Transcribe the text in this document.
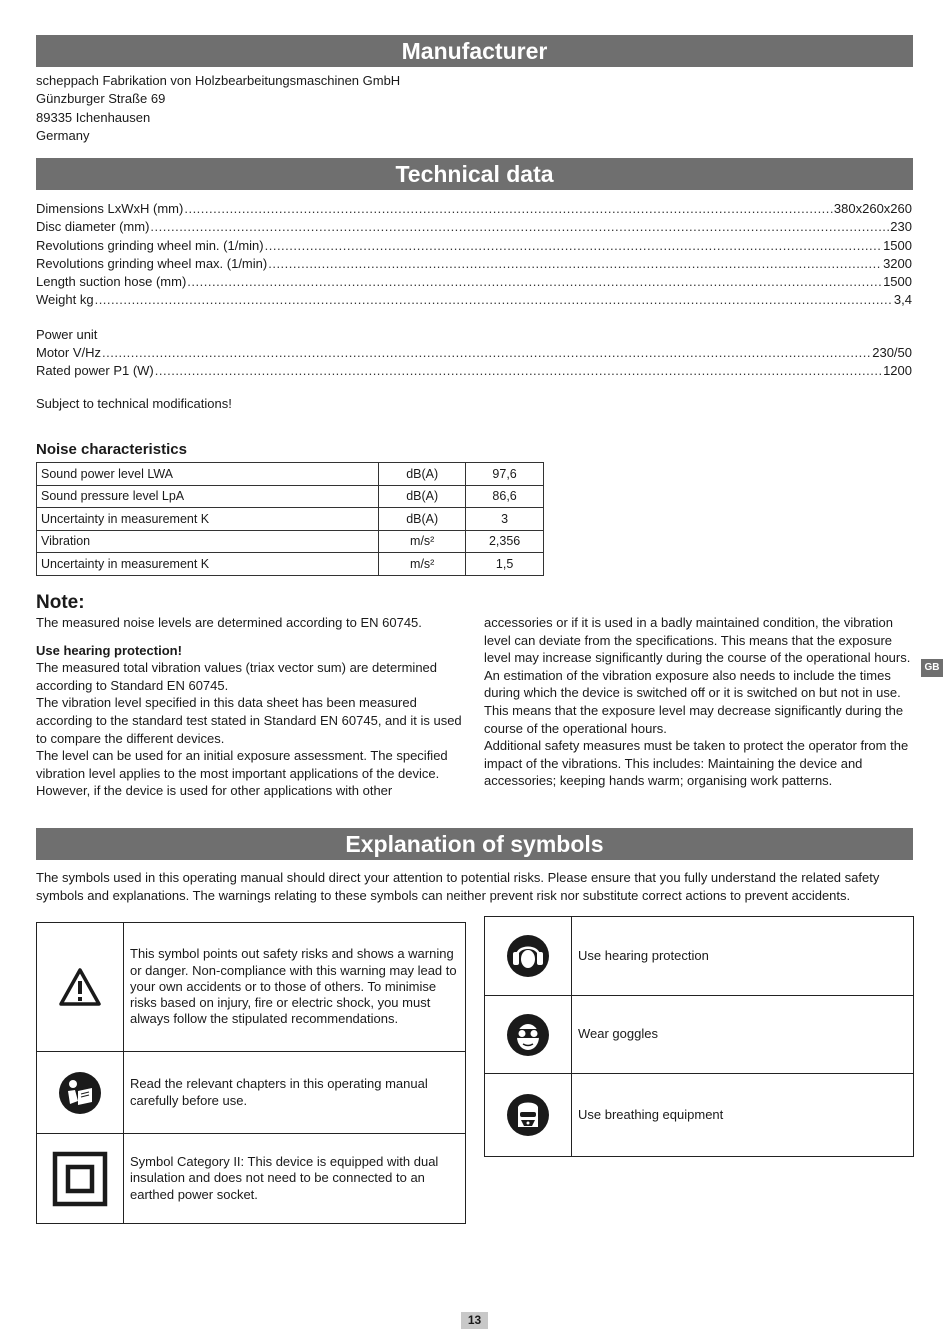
Manufacturer
scheppach Fabrikation von Holzbearbeitungsmaschinen GmbH
Günzburger Straße 69
89335 Ichenhausen
Germany
Technical data
Dimensions LxWxH (mm) .....	380x260x260
Disc diameter (mm) .....	230
Revolutions grinding wheel min. (1/min) .....	1500
Revolutions grinding wheel max. (1/min) .....	3200
Length suction hose (mm) .....	1500
Weight kg .....	3,4
Power unit
Motor V/Hz .....	230/50
Rated power P1 (W) .....	1200
Subject to technical modifications!
Noise characteristics
Sound power level LWA	dB(A)	97,6
Sound pressure level LpA	dB(A)	86,6
Uncertainty in measurement K	dB(A)	3
Vibration	m/s²	2,356
Uncertainty in measurement K	m/s²	1,5
Note:

The measured noise levels are determined according to EN 60745.

Use hearing protection!

The measured total vibration values (triax vector sum) are determined according to Standard EN 60745.

The vibration level specified in this data sheet has been measured according to the standard test stated in Standard EN 60745, and it is used to compare the different devices.

The level can be used for an initial exposure assessment. The specified vibration level applies to the most important applications of the device. However, if the device is used for other applications with other

accessories or if it is used in a badly maintained condition, the vibration level can deviate from the specifications. This means that the exposure level may increase significantly during the course of the operational hours.

An estimation of the vibration exposure also needs to include the times during which the device is switched off or it is switched on but not in use. This means that the exposure level may decrease significantly during the course of the operational hours.

Additional safety measures must be taken to protect the operator from the impact of the vibrations. This includes: Maintaining the device and accessories; keeping hands warm; organising work patterns.

GB
Explanation of symbols
The symbols used in this operating manual should direct your attention to potential risks. Please ensure that you fully understand the related safety symbols and explanations. The warnings relating to these symbols can neither prevent risk nor substitute correct actions to prevent accidents.
	This symbol points out safety risks and shows a warning or danger. Non-compliance with this warning may lead to your own accidents or to those of others. To minimise risks based on injury, fire or electric shock, you must always follow the stipulated recommendations.
	Read the relevant chapters in this operating manual carefully before use.
	Symbol Category II: This device is equipped with dual insulation and does not need to be connected to an earthed power socket.
	Use hearing protection
	Wear goggles
	Use breathing equipment
13
